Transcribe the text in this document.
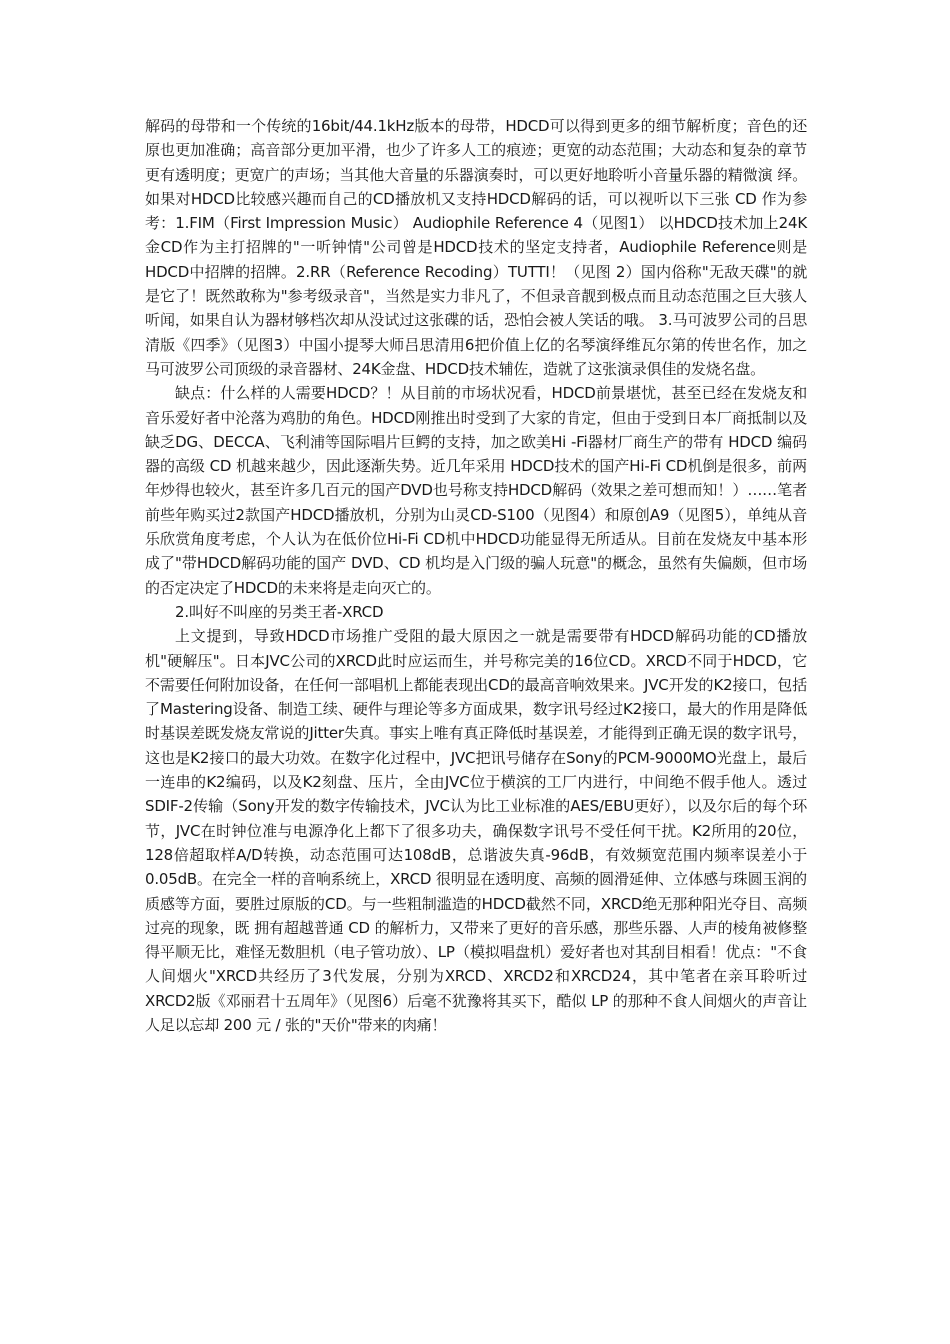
解码的母带和一个传统的16bit/44.1kHz版本的母带，HDCD可以得到更多的细节解析度；音色的还原也更加准确；高音部分更加平滑，也少了许多人工的痕迹；更宽的动态范围；大动态和复杂的章节更有透明度；更宽广的声场；当其他大音量的乐器演奏时，可以更好地聆听小音量乐器的精微演 绎。如果对HDCD比较感兴趣而自己的CD播放机又支持HDCD解码的话，可以视听以下三张 CD 作为参考：1.FIM（First Impression Music） Audiophile Reference 4（见图1） 以HDCD技术加上24K金CD作为主打招牌的"一听钟情"公司曾是HDCD技术的坚定支持者，Audiophile Reference则是HDCD中招牌的招牌。2.RR（Reference Recoding）TUTTI！（见图 2）国内俗称"无敌天碟"的就是它了！既然敢称为"参考级录音"，当然是实力非凡了，不但录音靓到极点而且动态范围之巨大骇人听闻，如果自认为器材够档次却从没试过这张碟的话，恐怕会被人笑话的哦。 3.马可波罗公司的吕思清版《四季》（见图3）中国小提琴大师吕思清用6把价值上亿的名琴演绎维瓦尔第的传世名作，加之马可波罗公司顶级的录音器材、24K金盘、HDCD技术辅佐，造就了这张演录俱佳的发烧名盘。

缺点：什么样的人需要HDCD？！从目前的市场状况看，HDCD前景堪忧，甚至已经在发烧友和音乐爱好者中沦落为鸡肋的角色。HDCD刚推出时受到了大家的肯定，但由于受到日本厂商抵制以及缺乏DG、DECCA、飞利浦等国际唱片巨鳄的支持，加之欧美Hi -Fi器材厂商生产的带有 HDCD 编码器的高级 CD 机越来越少，因此逐渐失势。近几年采用 HDCD技术的国产Hi-Fi CD机倒是很多，前两年炒得也较火，甚至许多几百元的国产DVD也号称支持HDCD解码（效果之差可想而知！）……笔者前些年购买过2款国产HDCD播放机，分别为山灵CD-S100（见图4）和原创A9（见图5），单纯从音乐欣赏角度考虑，个人认为在低价位Hi-Fi CD机中HDCD功能显得无所适从。目前在发烧友中基本形成了"带HDCD解码功能的国产 DVD、CD 机均是入门级的骗人玩意"的概念，虽然有失偏颇，但市场的否定决定了HDCD的未来将是走向灭亡的。

2.叫好不叫座的另类王者-XRCD

上文提到，导致HDCD市场推广受阻的最大原因之一就是需要带有HDCD解码功能的CD播放机"硬解压"。日本JVC公司的XRCD此时应运而生，并号称完美的16位CD。XRCD不同于HDCD，它不需要任何附加设备，在任何一部唱机上都能表现出CD的最高音响效果来。JVC开发的K2接口，包括了Mastering设备、制造工续、硬件与理论等多方面成果，数字讯号经过K2接口，最大的作用是降低时基误差既发烧友常说的Jitter失真。事实上唯有真正降低时基误差，才能得到正确无误的数字讯号，这也是K2接口的最大功效。在数字化过程中，JVC把讯号储存在Sony的PCM-9000MO光盘上，最后一连串的K2编码，以及K2刻盘、压片，全由JVC位于横滨的工厂内进行，中间绝不假手他人。透过SDIF-2传输（Sony开发的数字传输技术，JVC认为比工业标准的AES/EBU更好），以及尔后的每个环节，JVC在时钟位准与电源净化上都下了很多功夫，确保数字讯号不受任何干扰。K2所用的20位，128倍超取样A/D转换，动态范围可达108dB，总谐波失真-96dB，有效频宽范围内频率误差小于 0.05dB。在完全一样的音响系统上，XRCD 很明显在透明度、高频的圆滑延伸、立体感与珠圆玉润的质感等方面，要胜过原版的CD。与一些粗制滥造的HDCD截然不同，XRCD绝无那种阳光夺目、高频过亮的现象，既 拥有超越普通 CD 的解析力，又带来了更好的音乐感，那些乐器、人声的棱角被修整得平顺无比，难怪无数胆机（电子管功放）、LP（模拟唱盘机）爱好者也对其刮目相看！优点："不食人间烟火"XRCD共经历了3代发展，分别为XRCD、XRCD2和XRCD24，其中笔者在亲耳聆听过XRCD2版《邓丽君十五周年》（见图6）后毫不犹豫将其买下，酷似 LP 的那种不食人间烟火的声音让人足以忘却 200 元 / 张的"天价"带来的肉痛！
